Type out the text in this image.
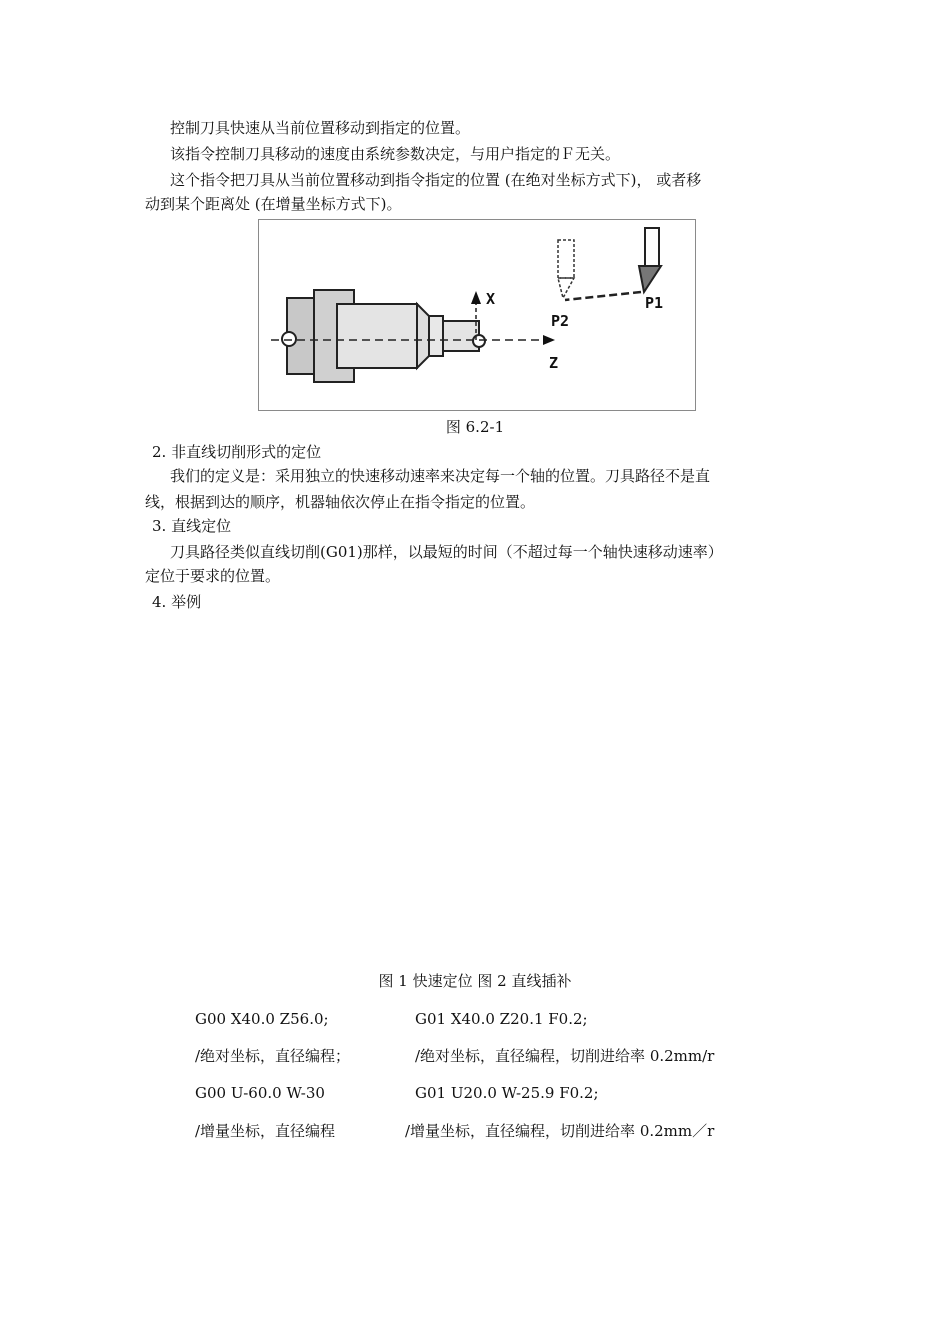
控制刀具快速从当前位置移动到指定的位置。
该指令控制刀具移动的速度由系统参数决定，与用户指定的Ｆ无关。
这个指令把刀具从当前位置移动到指令指定的位置 (在绝对坐标方式下)， 或者移
动到某个距离处 (在增量坐标方式下)。
X
Z
P1
P2
图 6.2-1
2. 非直线切削形式的定位
我们的定义是：采用独立的快速移动速率来决定每一个轴的位置。刀具路径不是直
线，根据到达的顺序，机器轴依次停止在指令指定的位置。
3. 直线定位
刀具路径类似直线切削(G01)那样，以最短的时间（不超过每一个轴快速移动速率）
定位于要求的位置。
4. 举例
图 1 快速定位 图 2 直线插补
G00 X40.0 Z56.0;	G01 X40.0 Z20.1 F0.2;
/绝对坐标，直径编程；	/绝对坐标，直径编程，切削进给率 0.2mm/r
G00 U-60.0 W-30	G01 U20.0 W-25.9 F0.2;
/增量坐标，直径编程	/增量坐标，直径编程，切削进给率 0.2mm／r
